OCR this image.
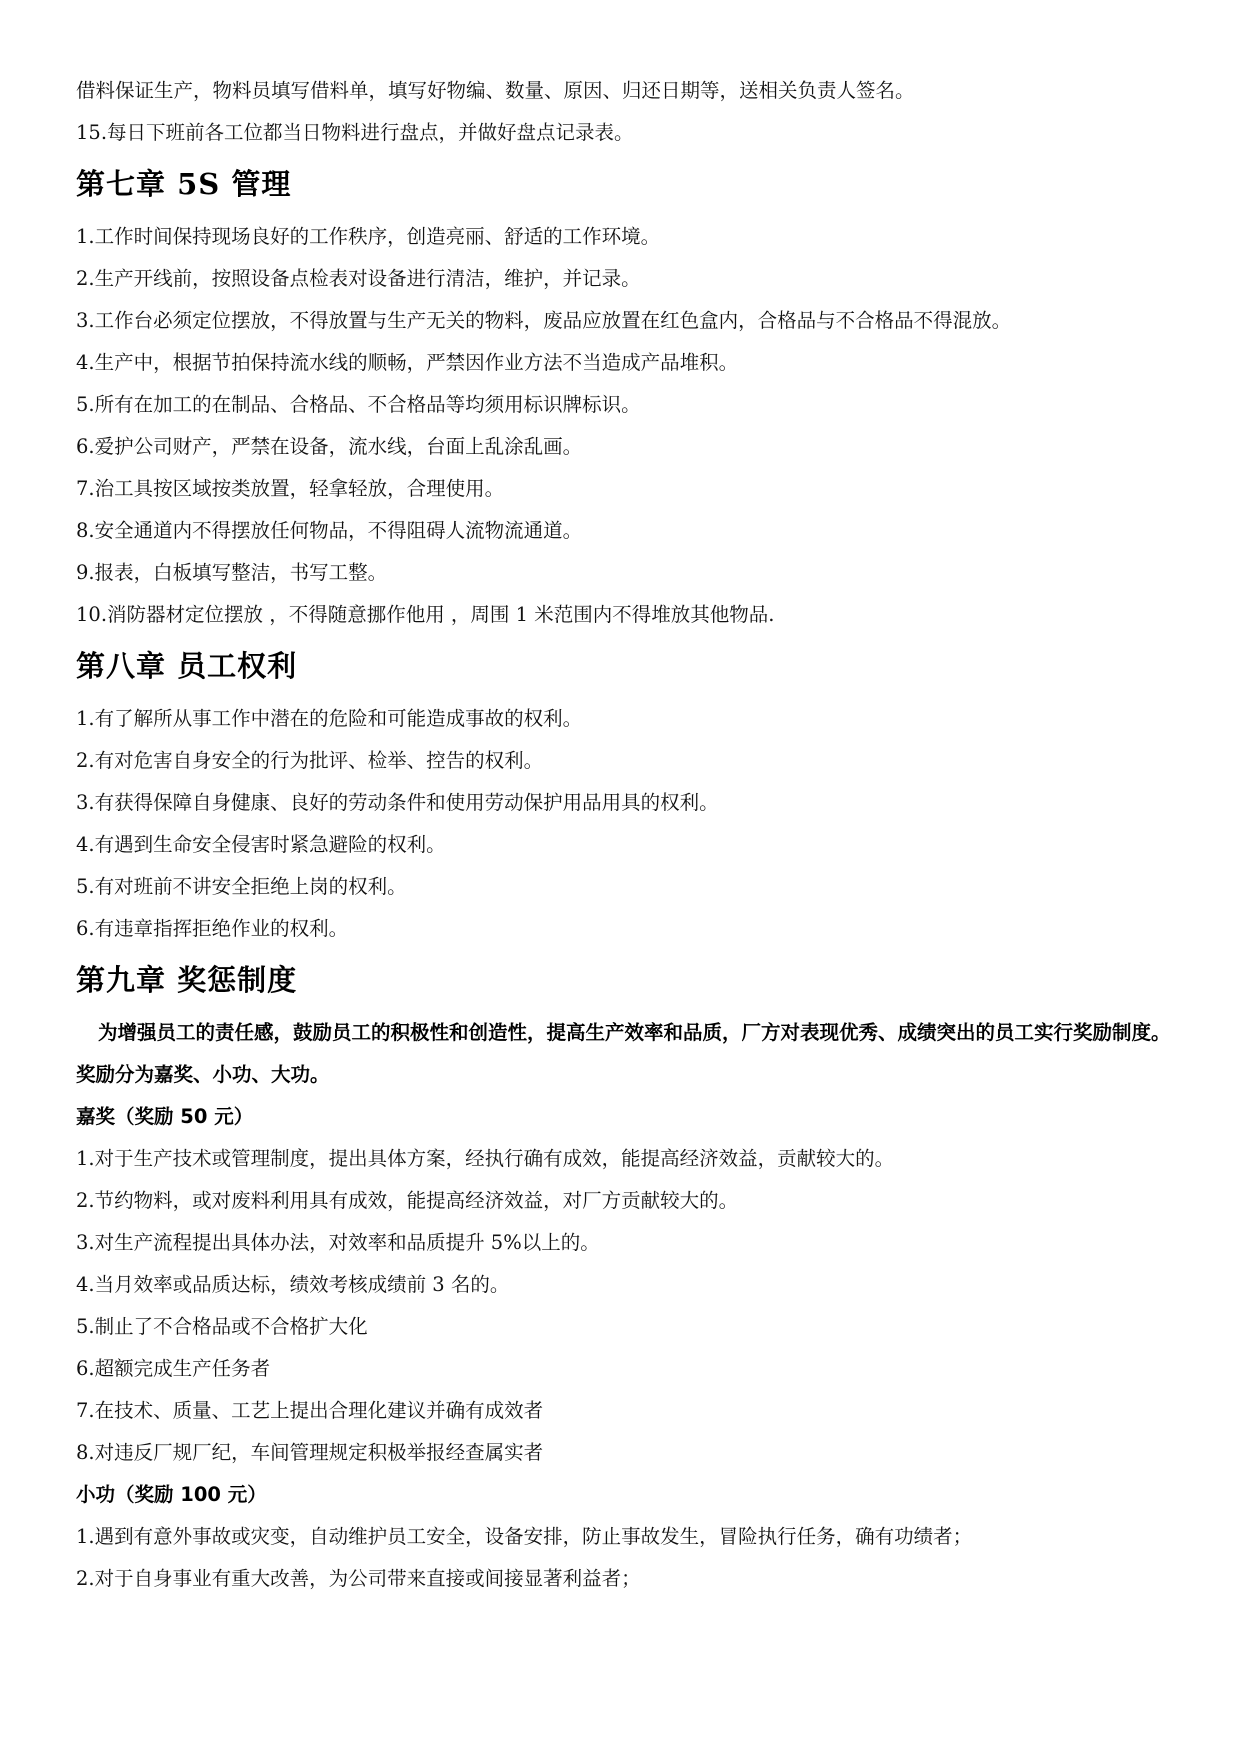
借料保证生产，物料员填写借料单，填写好物编、数量、原因、归还日期等，送相关负责人签名。
15.每日下班前各工位都当日物料进行盘点，并做好盘点记录表。
第七章 5S 管理
1.工作时间保持现场良好的工作秩序，创造亮丽、舒适的工作环境。
2.生产开线前，按照设备点检表对设备进行清洁，维护，并记录。
3.工作台必须定位摆放，不得放置与生产无关的物料，废品应放置在红色盒内，合格品与不合格品不得混放。
4.生产中，根据节拍保持流水线的顺畅，严禁因作业方法不当造成产品堆积。
5.所有在加工的在制品、合格品、不合格品等均须用标识牌标识。
6.爱护公司财产，严禁在设备，流水线，台面上乱涂乱画。
7.治工具按区域按类放置，轻拿轻放，合理使用。
8.安全通道内不得摆放任何物品，不得阻碍人流物流通道。
9.报表，白板填写整洁，书写工整。
10.消防器材定位摆放 ，不得随意挪作他用 ，周围 1 米范围内不得堆放其他物品.
第八章 员工权利
1.有了解所从事工作中潜在的危险和可能造成事故的权利。
2.有对危害自身安全的行为批评、检举、控告的权利。
3.有获得保障自身健康、良好的劳动条件和使用劳动保护用品用具的权利。
4.有遇到生命安全侵害时紧急避险的权利。
5.有对班前不讲安全拒绝上岗的权利。
6.有违章指挥拒绝作业的权利。
第九章 奖惩制度
为增强员工的责任感，鼓励员工的积极性和创造性，提高生产效率和品质，厂方对表现优秀、成绩突出的员工实行奖励制度。
奖励分为嘉奖、小功、大功。
嘉奖（奖励 50 元）
1.对于生产技术或管理制度，提出具体方案，经执行确有成效，能提高经济效益，贡献较大的。
2.节约物料，或对废料利用具有成效，能提高经济效益，对厂方贡献较大的。
3.对生产流程提出具体办法，对效率和品质提升 5%以上的。
4.当月效率或品质达标，绩效考核成绩前 3 名的。
5.制止了不合格品或不合格扩大化
6.超额完成生产任务者
7.在技术、质量、工艺上提出合理化建议并确有成效者
8.对违反厂规厂纪，车间管理规定积极举报经查属实者
小功（奖励 100 元）
1.遇到有意外事故或灾变，自动维护员工安全，设备安排，防止事故发生，冒险执行任务，确有功绩者；
2.对于自身事业有重大改善，为公司带来直接或间接显著利益者；
